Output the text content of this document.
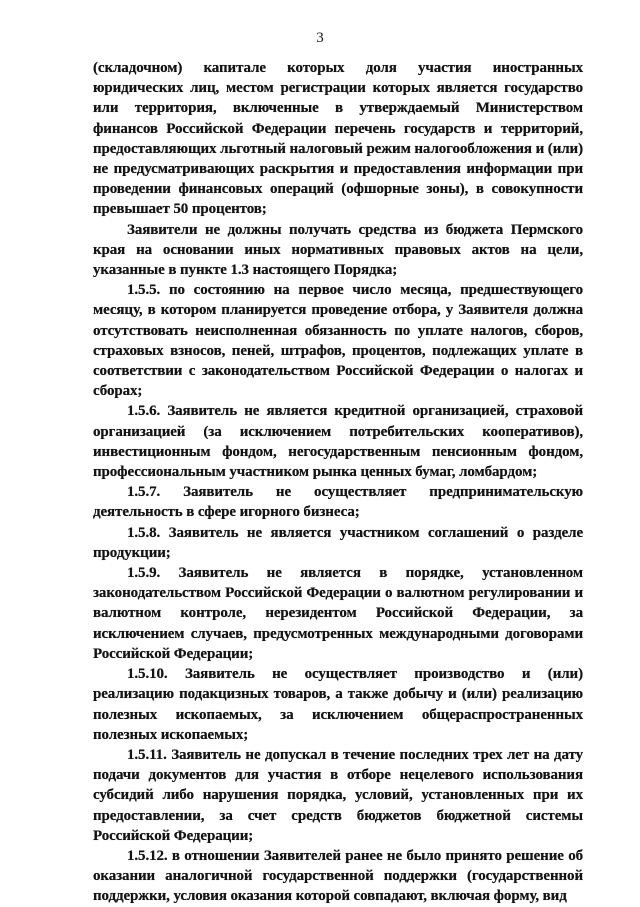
3

(складочном) капитале которых доля участия иностранных юридических лиц, местом регистрации которых является государство или территория, включенные в утверждаемый Министерством финансов Российской Федерации перечень государств и территорий, предоставляющих льготный налоговый режим налогообложения и (или) не предусматривающих раскрытия и предоставления информации при проведении финансовых операций (офшорные зоны), в совокупности превышает 50 процентов;

Заявители не должны получать средства из бюджета Пермского края на основании иных нормативных правовых актов на цели, указанные в пункте 1.3 настоящего Порядка;

1.5.5. по состоянию на первое число месяца, предшествующего месяцу, в котором планируется проведение отбора, у Заявителя должна отсутствовать неисполненная обязанность по уплате налогов, сборов, страховых взносов, пеней, штрафов, процентов, подлежащих уплате в соответствии с законодательством Российской Федерации о налогах и сборах;

1.5.6. Заявитель не является кредитной организацией, страховой организацией (за исключением потребительских кооперативов), инвестиционным фондом, негосударственным пенсионным фондом, профессиональным участником рынка ценных бумаг, ломбардом;

1.5.7. Заявитель не осуществляет предпринимательскую деятельность в сфере игорного бизнеса;

1.5.8. Заявитель не является участником соглашений о разделе продукции;

1.5.9. Заявитель не является в порядке, установленном законодательством Российской Федерации о валютном регулировании и валютном контроле, нерезидентом Российской Федерации, за исключением случаев, предусмотренных международными договорами Российской Федерации;

1.5.10. Заявитель не осуществляет производство и (или) реализацию подакцизных товаров, а также добычу и (или) реализацию полезных ископаемых, за исключением общераспространенных полезных ископаемых;

1.5.11. Заявитель не допускал в течение последних трех лет на дату подачи документов для участия в отборе нецелевого использования субсидий либо нарушения порядка, условий, установленных при их предоставлении, за счет средств бюджетов бюджетной системы Российской Федерации;

1.5.12. в отношении Заявителей ранее не было принято решение об оказании аналогичной государственной поддержки (государственной поддержки, условия оказания которой совпадают, включая форму, вид
